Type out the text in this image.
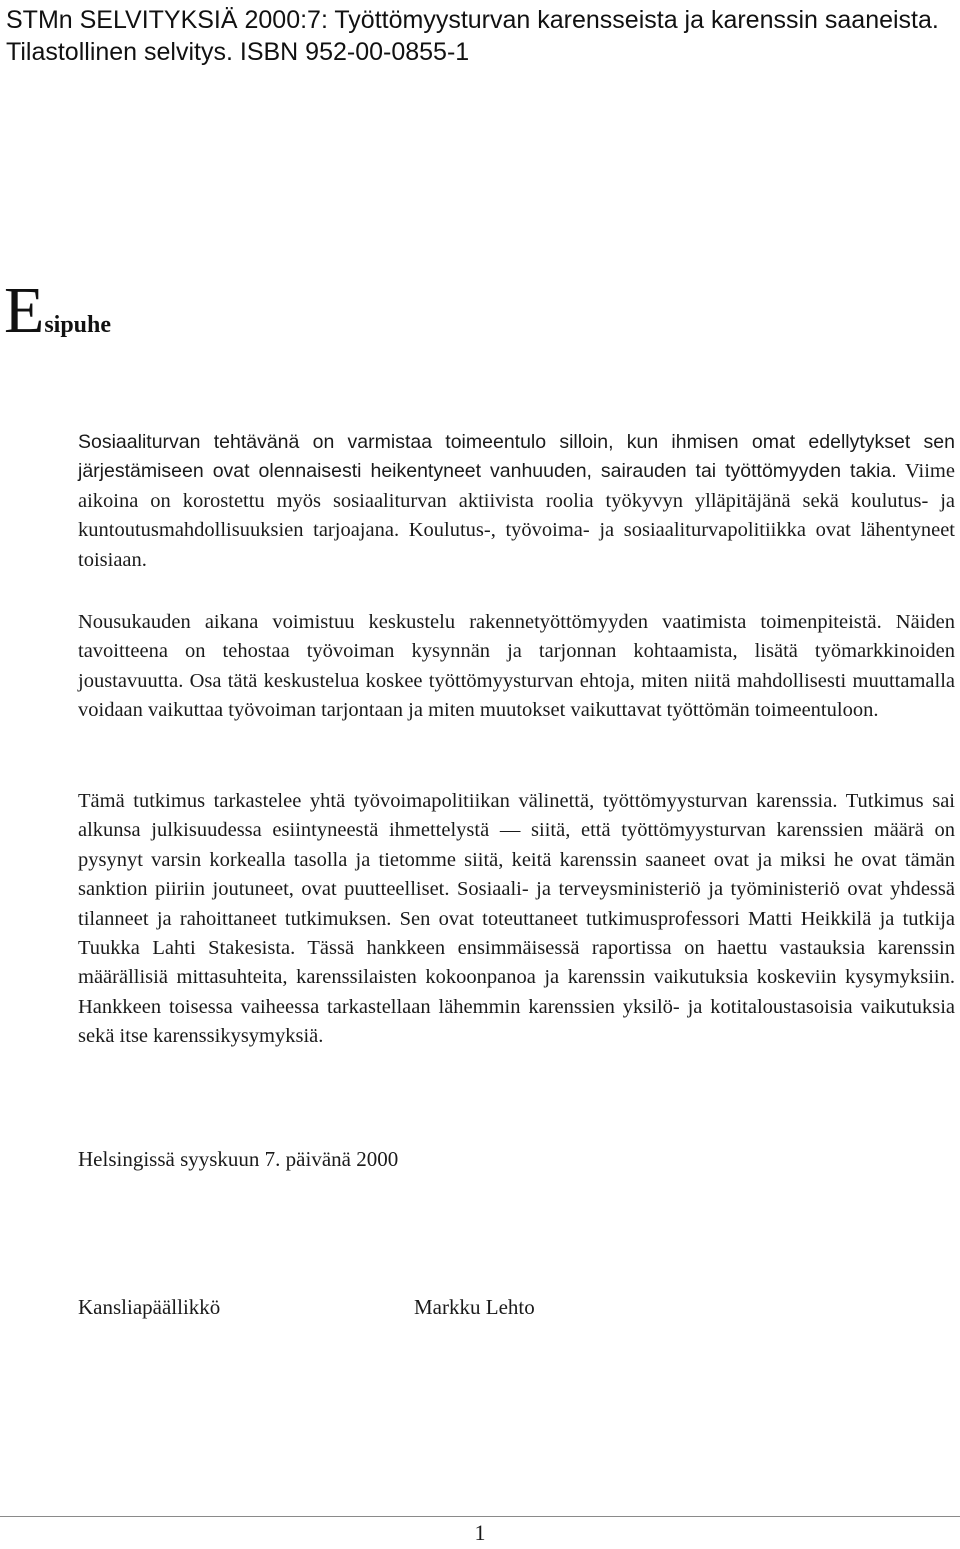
STMn SELVITYKSIÄ 2000:7: Työttömyysturvan karensseista ja karenssin saaneista. Tilastollinen selvitys. ISBN 952-00-0855-1
Esipuhe

Sosiaaliturvan tehtävänä on varmistaa toimeentulo silloin, kun ihmisen omat edellytykset sen järjestämiseen ovat olennaisesti heikentyneet vanhuuden, sairauden tai työttömyyden takia. Viime aikoina on korostettu myös sosiaaliturvan aktiivista roolia työkyvyn ylläpitäjänä sekä koulutus- ja kuntoutusmahdollisuuksien tarjoajana. Koulutus-, työvoima- ja sosiaaliturvapolitiikka ovat lähentyneet toisiaan.

Nousukauden aikana voimistuu keskustelu rakennetyöttömyyden vaatimista toimenpiteistä. Näiden tavoitteena on tehostaa työvoiman kysynnän ja tarjonnan kohtaamista, lisätä työmarkkinoiden joustavuutta. Osa tätä keskustelua koskee työttömyysturvan ehtoja, miten niitä mahdollisesti muuttamalla voidaan vaikuttaa työvoiman tarjontaan ja miten muutokset vaikuttavat työttömän toimeentuloon.

Tämä tutkimus tarkastelee yhtä työvoimapolitiikan välinettä, työttömyysturvan karenssia. Tutkimus sai alkunsa julkisuudessa esiintyneestä ihmettelystä — siitä, että työttömyysturvan karenssien määrä on pysynyt varsin korkealla tasolla ja tietomme siitä, keitä karenssin saaneet ovat ja miksi he ovat tämän sanktion piiriin joutuneet, ovat puutteelliset. Sosiaali- ja terveysministeriö ja työministeriö ovat yhdessä tilanneet ja rahoittaneet tutkimuksen. Sen ovat toteuttaneet tutkimusprofessori Matti Heikkilä ja tutkija Tuukka Lahti Stakesista. Tässä hankkeen ensimmäisessä raportissa on haettu vastauksia karenssin määrällisiä mittasuhteita, karenssilaisten kokoonpanoa ja karenssin vaikutuksia koskeviin kysymyksiin. Hankkeen toisessa vaiheessa tarkastellaan lähemmin karenssien yksilö- ja kotitaloustasoisia vaikutuksia sekä itse karenssikysymyksiä.

Helsingissä syyskuun 7. päivänä 2000
Kansliapäällikkö	Markku Lehto
1
